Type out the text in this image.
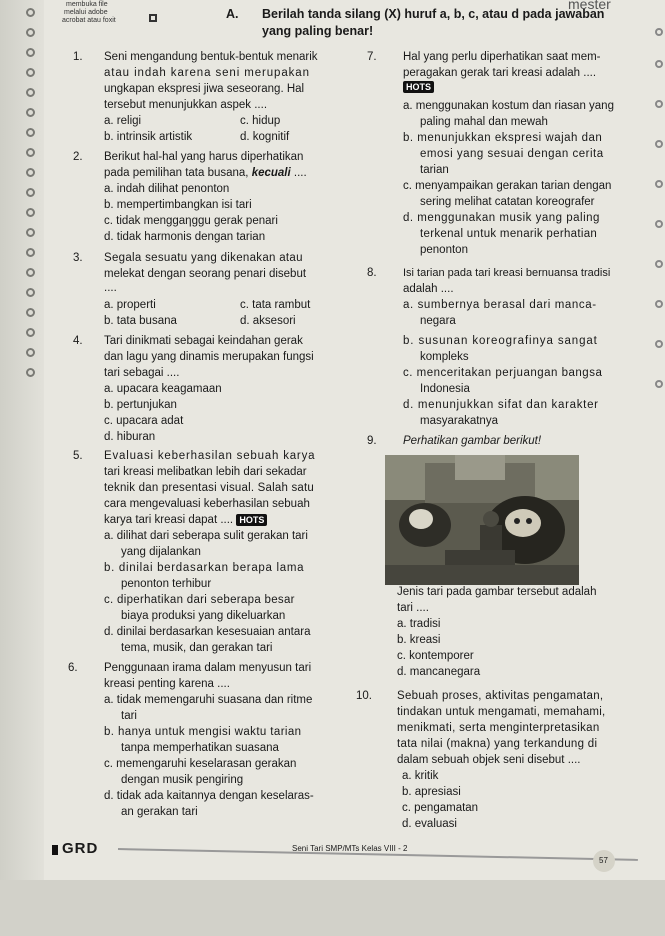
membuka file
melalui adobe
acrobat atau foxit	A. Berilah tanda silang (X) huruf a, b, c, atau d pada jawaban
yang paling benar!
mester
1. Seni mengandung bentuk-bentuk menarik
atau indah karena seni merupakan
ungkapan ekspresi jiwa seseorang. Hal
tersebut menunjukkan aspek ....
a. religi	c. hidup
b. intrinsik artistik	d. kognitif
2. Berikut hal-hal yang harus diperhatikan
pada pemilihan tata busana, kecuali ....
a. indah dilihat penonton
b. mempertimbangkan isi tari
c. tidak menggaηggu gerak penari
d. tidak harmonis dengan tarian
3. Segala sesuatu yang dikenakan atau
melekat dengan seorang penari disebut
....
a. properti	c. tata rambut
b. tata busana	d. aksesori
4. Tari dinikmati sebagai keindahan gerak
dan lagu yang dinamis merupakan fungsi
tari sebagai ....
a. upacara keagamaan
b. pertunjukan
c. upacara adat
d. hiburan
5. Evaluasi keberhasilan sebuah karya
tari kreasi melibatkan lebih dari sekadar
teknik dan presentasi visual. Salah satu
cara mengevaluasi keberhasilan sebuah
karya tari kreasi dapat .... HOTS
a. dilihat dari seberapa sulit gerakan tari
yang dijalankan
b. dinilai berdasarkan berapa lama
penonton terhibur
c. diperhatikan dari seberapa besar
biaya produksi yang dikeluarkan
d. dinilai berdasarkan kesesuaian antara
tema, musik, dan gerakan tari
6. Penggunaan irama dalam menyusun tari
kreasi penting karena ....
a. tidak memengaruhi suasana dan ritme
tari
b. hanya untuk mengisi waktu tarian
tanpa memperhatikan suasana
c. memengaruhi keselarasan gerakan
dengan musik pengiring
d. tidak ada kaitannya dengan keselaras-
an gerakan tari
7. Hal yang perlu diperhatikan saat mem-
peragakan gerak tari kreasi adalah ....
HOTS
a. menggunakan kostum dan riasan yang
paling mahal dan mewah
b. menunjukkan ekspresi wajah dan
emosi yang sesuai dengan cerita
tarian
c. menyampaikan gerakan tarian dengan
sering melihat catatan koreografer
d. menggunakan musik yang paling
terkenal untuk menarik perhatian
penonton
8. Isi tarian pada tari kreasi bernuansa tradisi
adalah ....
a. sumbernya berasal dari manca-
negara
b. susunan koreografinya sangat
kompleks
c. menceritakan perjuangan bangsa
Indonesia
d. menunjukkan sifat dan karakter
masyarakatnya
9. Perhatikan gambar berikut!
Jenis tari pada gambar tersebut adalah
tari ....
a. tradisi
b. kreasi
c. kontemporer
d. mancanegara
10. Sebuah proses, aktivitas pengamatan,
tindakan untuk mengamati, memahami,
menikmati, serta menginterpretasikan
tata nilai (makna) yang terkandung di
dalam sebuah objek seni disebut ....
a. kritik
b. apresiasi
c. pengamatan
d. evaluasi
GRD	Seni Tari SMP/MTs Kelas VIII - 2
57
